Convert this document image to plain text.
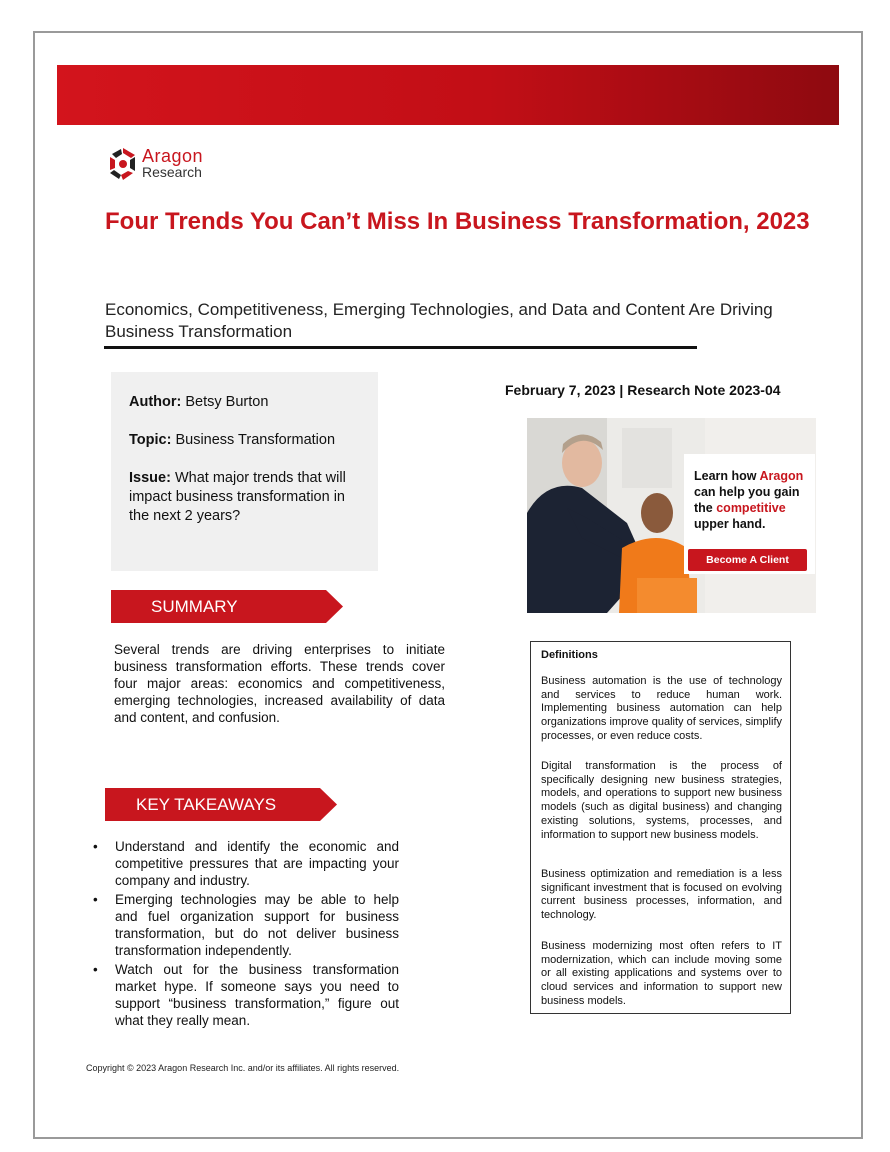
Aragon
Research
Four Trends You Can’t Miss In Business Transformation, 2023

Economics, Competitiveness, Emerging Technologies, and Data and Content Are Driving Business Transformation

Author: Betsy Burton

Topic: Business Transformation

Issue: What major trends that will impact business transformation in the next 2 years?

February 7, 2023 | Research Note 2023-04
Learn how Aragon
can help you gain
the competitive
upper hand.
Become A Client
SUMMARY

Several trends are driving enterprises to initiate business transformation efforts. These trends cover four major areas: economics and competitiveness, emerging technologies, increased availability of data and content, and confusion.

KEY TAKEAWAYS
• Understand and identify the economic and competitive pressures that are impacting your company and industry.
• Emerging technologies may be able to help and fuel organization support for business transformation, but do not deliver business transformation independently.
• Watch out for the business transformation market hype. If someone says you need to support “business transformation,” figure out what they really mean.
Definitions

Business automation is the use of technology and services to reduce human work. Implementing business automation can help organizations improve quality of services, simplify processes, or even reduce costs.

Digital transformation is the process of specifically designing new business strategies, models, and operations to support new business models (such as digital business) and changing existing solutions, systems, processes, and information to support new business models.

Business optimization and remediation is a less significant investment that is focused on evolving current business processes, information, and technology.

Business modernizing most often refers to IT modernization, which can include moving some or all existing applications and systems over to cloud services and information to support new business models.

Copyright © 2023 Aragon Research Inc. and/or its affiliates. All rights reserved.
